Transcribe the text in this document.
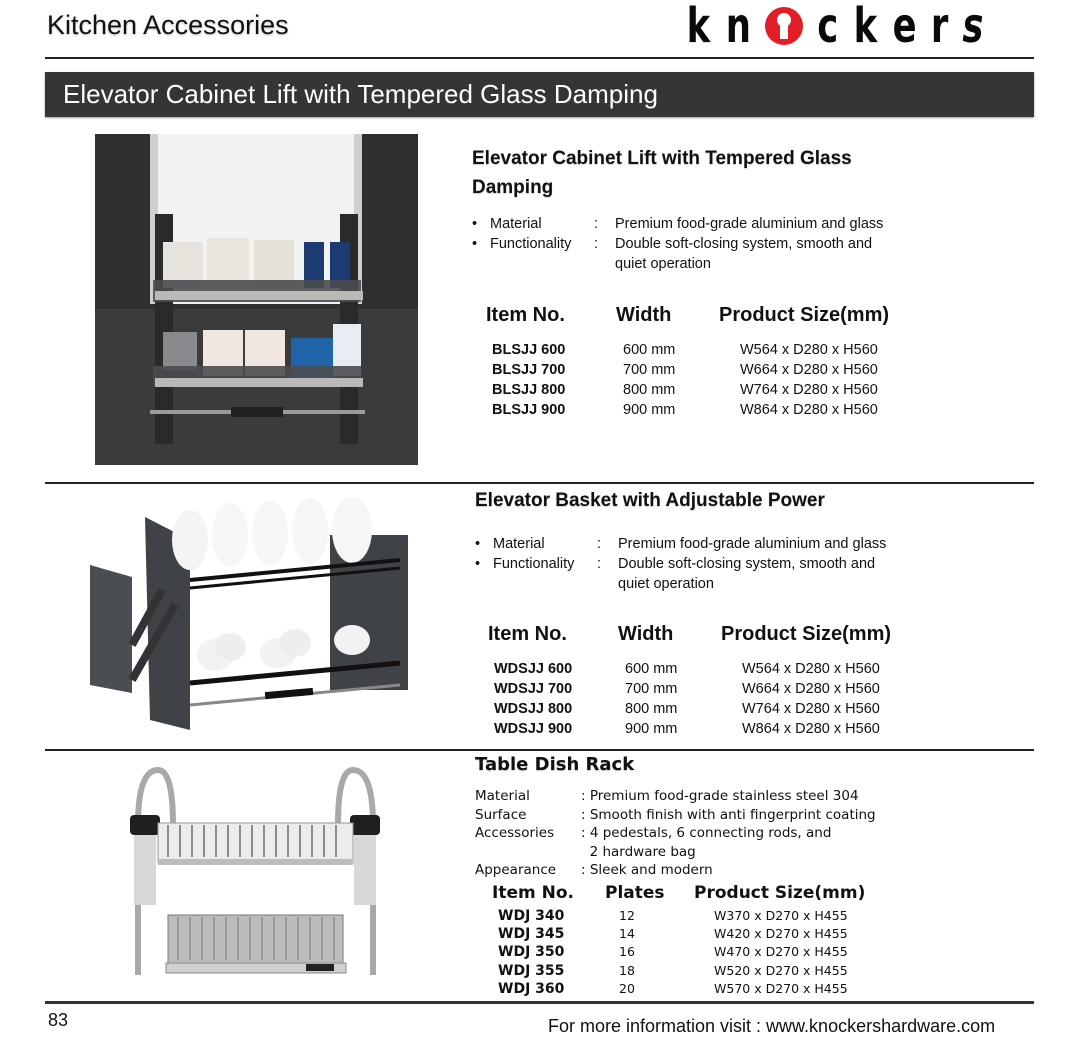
Kitchen Accessories	k n c k e r s
Elevator Cabinet Lift with Tempered Glass Damping
Elevator Cabinet Lift with Tempered Glass Damping
• Material	:	Premium food-grade aluminium and glass
• Functionality	:	Double soft-closing system, smooth and
quiet operation
Item No.	Width	Product Size(mm)
BLSJJ 600	600 mm	W564 x D280 x H560
BLSJJ 700	700 mm	W664 x D280 x H560
BLSJJ 800	800 mm	W764 x D280 x H560
BLSJJ 900	900 mm	W864 x D280 x H560
Elevator Basket with Adjustable Power
• Material	:	Premium food-grade aluminium and glass
• Functionality	:	Double soft-closing system, smooth and
quiet operation
Item No.	Width	Product Size(mm)
WDSJJ 600	600 mm	W564 x D280 x H560
WDSJJ 700	700 mm	W664 x D280 x H560
WDSJJ 800	800 mm	W764 x D280 x H560
WDSJJ 900	900 mm	W864 x D280 x H560
Table Dish Rack
Material	: Premium food-grade stainless steel 304
Surface	: Smooth finish with anti fingerprint coating
Accessories	: 4 pedestals, 6 connecting rods, and
2 hardware bag
Appearance	: Sleek and modern
Item No.	Plates	Product Size(mm)
WDJ 340	12	W370 x D270 x H455
WDJ 345	14	W420 x D270 x H455
WDJ 350	16	W470 x D270 x H455
WDJ 355	18	W520 x D270 x H455
WDJ 360	20	W570 x D270 x H455
83	For more information visit : www.knockershardware.com
